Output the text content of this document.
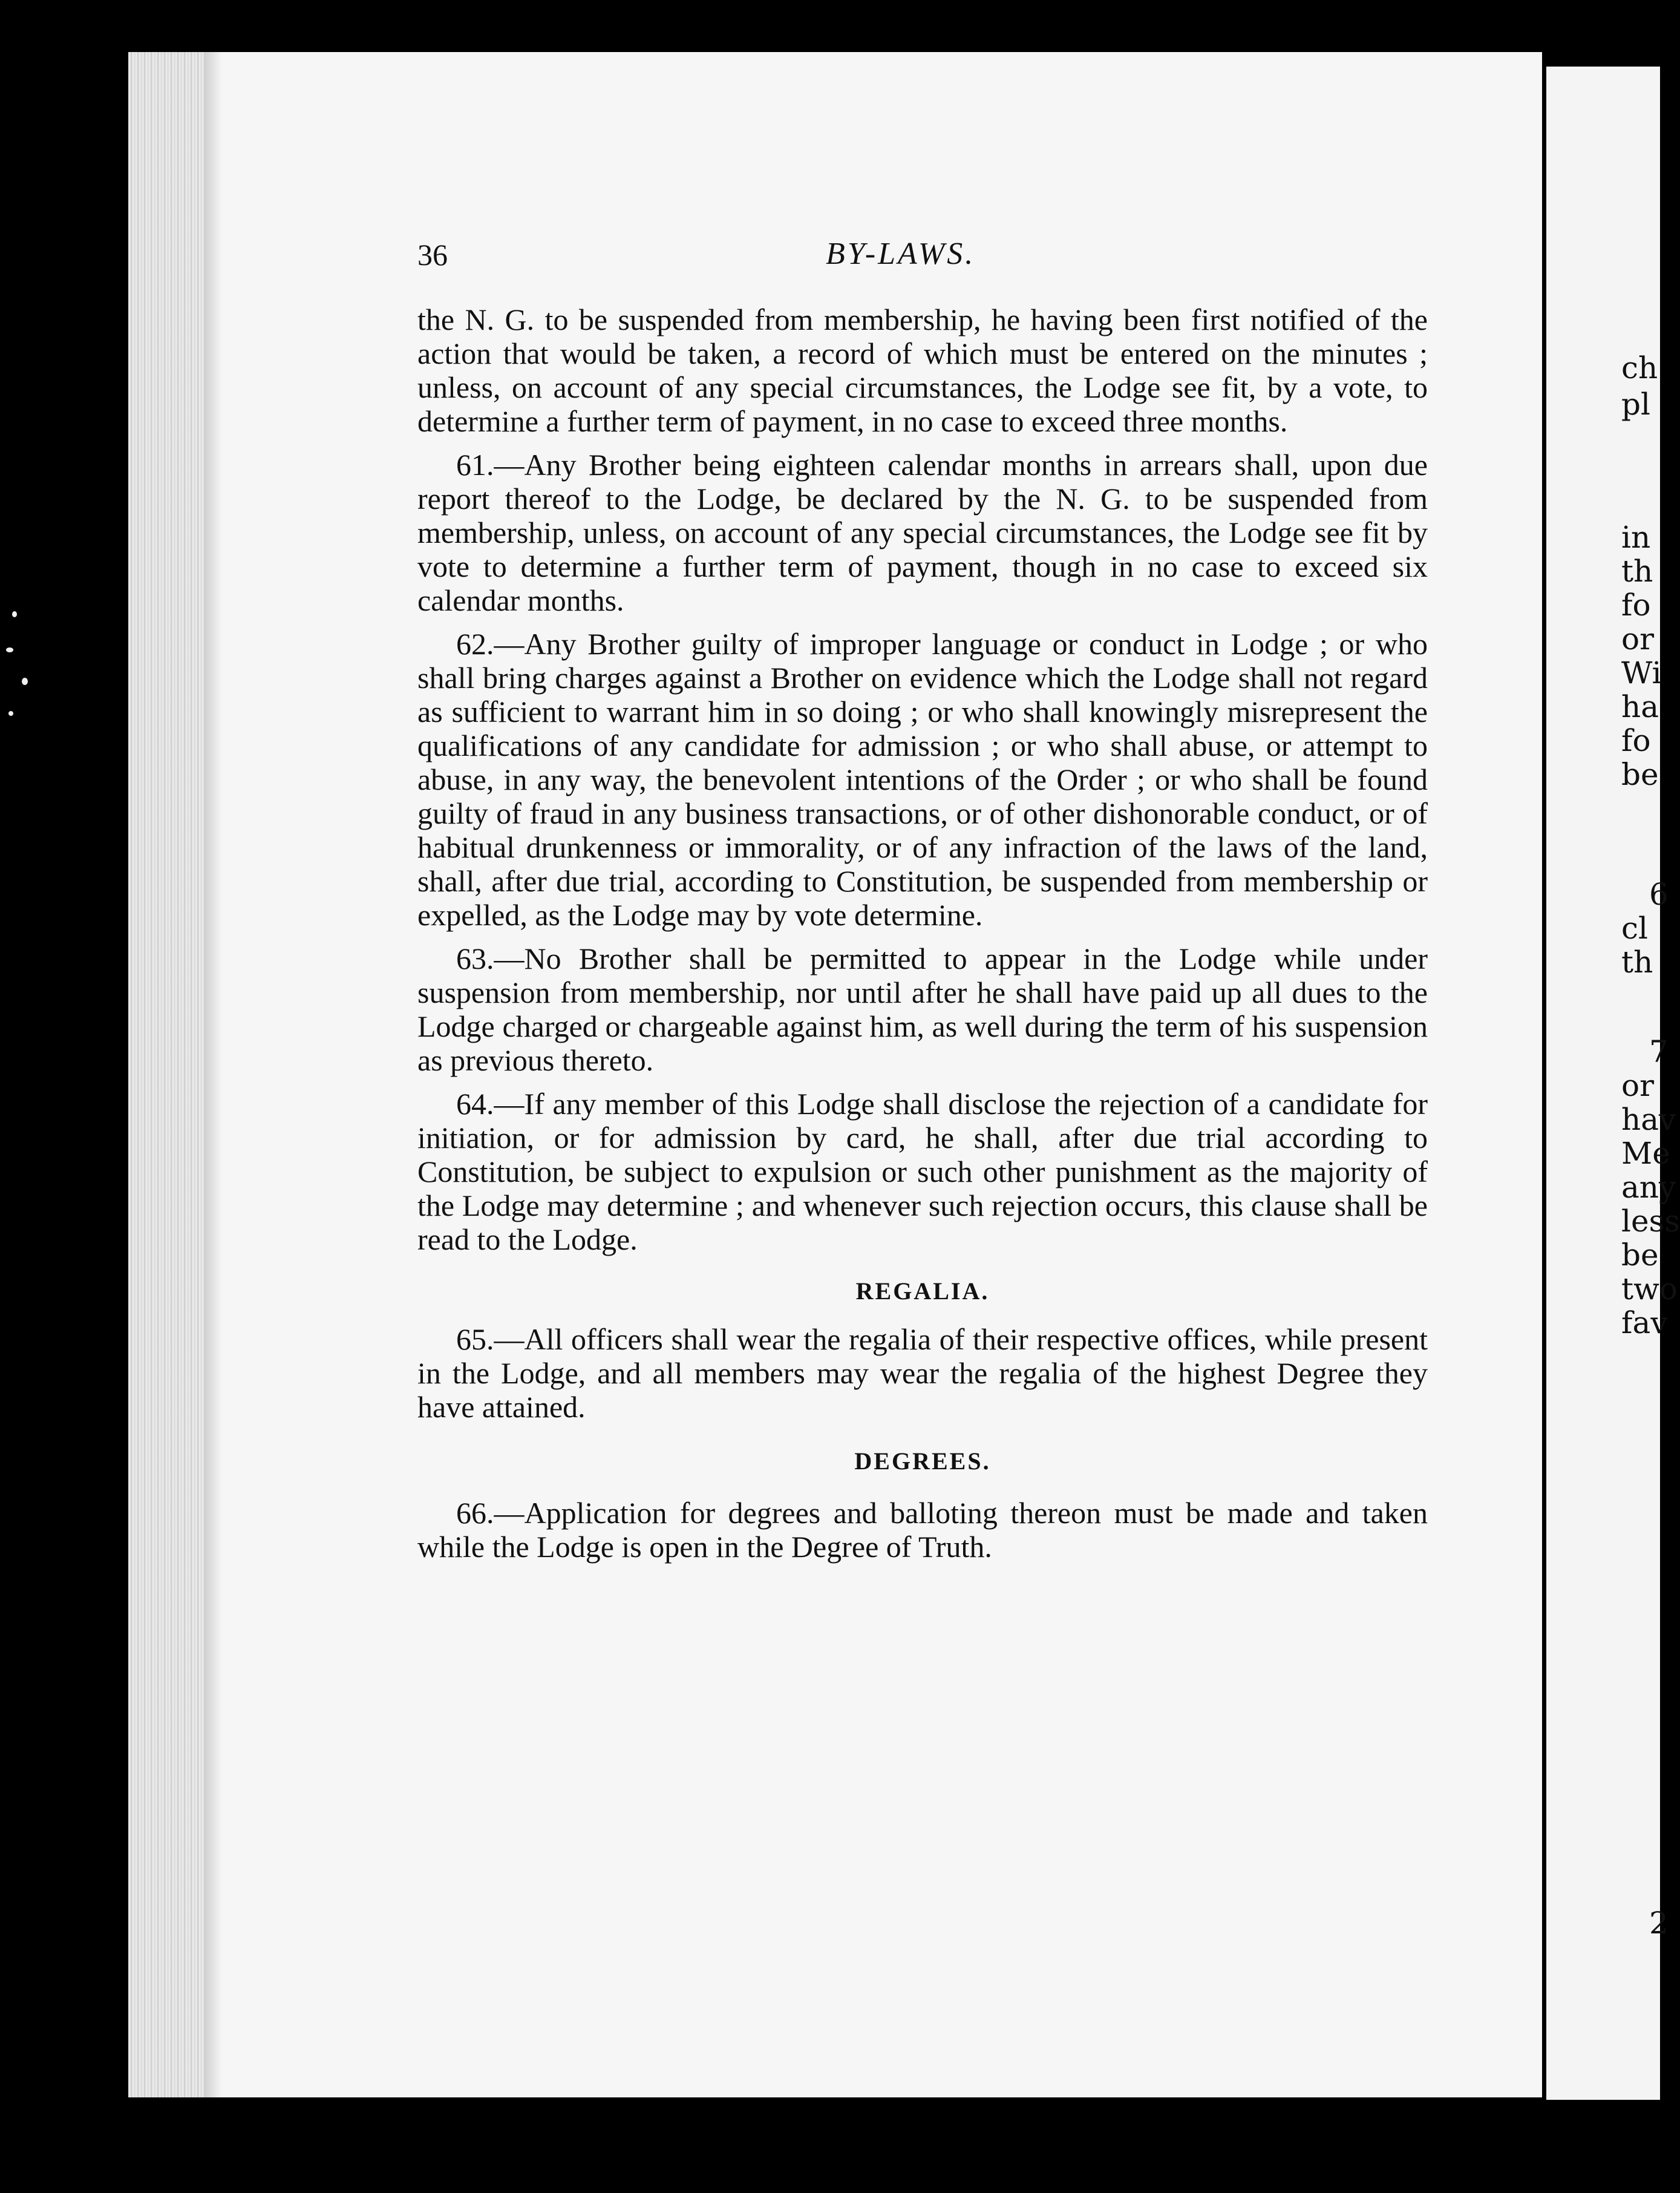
36	BY-LAWS.

the N. G. to be suspended from membership, he having been first notified of the action that would be taken, a record of which must be entered on the minutes ; unless, on account of any special circumstances, the Lodge see fit, by a vote, to determine a further term of payment, in no case to exceed three months.

61.—Any Brother being eighteen calendar months in arrears shall, upon due report thereof to the Lodge, be declared by the N. G. to be suspended from membership, unless, on account of any special circumstances, the Lodge see fit by vote to determine a further term of payment, though in no case to exceed six calendar months.

62.—Any Brother guilty of improper language or conduct in Lodge ; or who shall bring charges against a Brother on evidence which the Lodge shall not regard as sufficient to warrant him in so doing ; or who shall knowingly misrepresent the qualifications of any candidate for admission ; or who shall abuse, or attempt to abuse, in any way, the benevolent intentions of the Order ; or who shall be found guilty of fraud in any business transactions, or of other dishonorable conduct, or of habitual drunkenness or immorality, or of any infraction of the laws of the land, shall, after due trial, according to Constitution, be suspended from membership or expelled, as the Lodge may by vote determine.

63.—No Brother shall be permitted to appear in the Lodge while under suspension from membership, nor until after he shall have paid up all dues to the Lodge charged or chargeable against him, as well during the term of his suspension as previous thereto.

64.—If any member of this Lodge shall disclose the rejection of a candidate for initiation, or for admission by card, he shall, after due trial according to Constitution, be subject to expulsion or such other punishment as the majority of the Lodge may determine ; and whenever such rejection occurs, this clause shall be read to the Lodge.

REGALIA.

65.—All officers shall wear the regalia of their respective offices, while present in the Lodge, and all members may wear the regalia of the highest Degree they have attained.

DEGREES.

66.—Application for degrees and balloting thereon must be made and taken while the Lodge is open in the Degree of Truth.

ch
pl
in
th
fo
or
Wi
ha
fo
be
6
cl
th
7
or
hav
Me
any
less
be
two
fav
2
